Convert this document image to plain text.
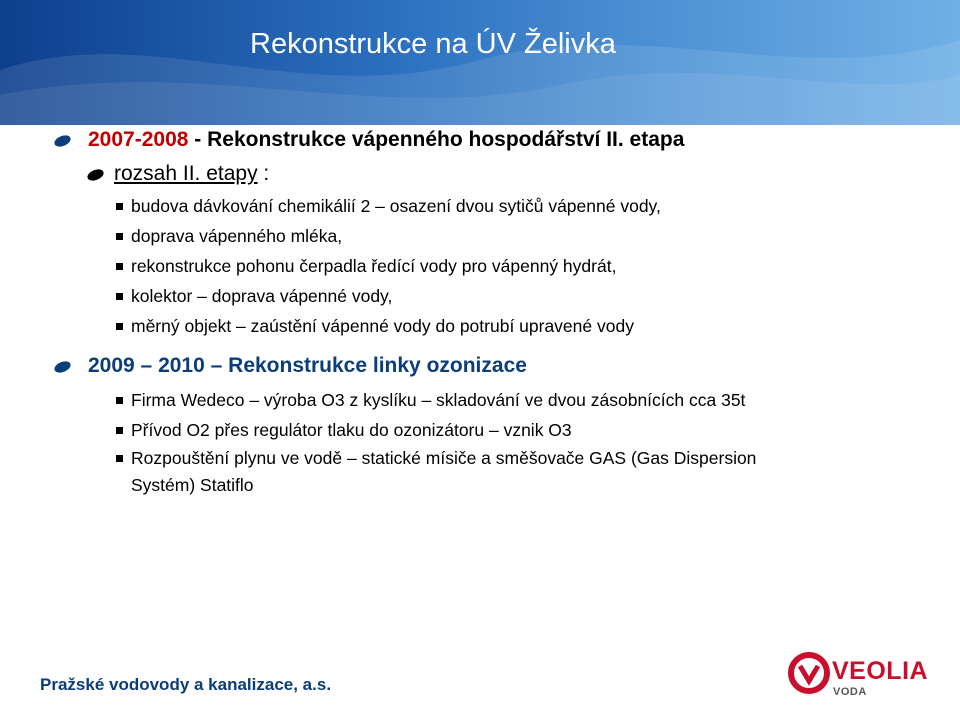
Rekonstrukce na ÚV Želivka
2007-2008 - Rekonstrukce vápenného hospodářství II. etapa
rozsah II. etapy :
budova dávkování chemikálií 2 – osazení dvou sytičů vápenné vody,
doprava vápenného mléka,
rekonstrukce pohonu čerpadla ředící vody pro vápenný hydrát,
kolektor – doprava vápenné vody,
měrný objekt – zaústění vápenné vody do potrubí upravené vody
2009 – 2010 – Rekonstrukce linky ozonizace
Firma Wedeco – výroba O3 z kyslíku – skladování ve dvou zásobnících cca 35t
Přívod O2 přes regulátor tlaku do ozonizátoru – vznik O3
Rozpouštění plynu ve vodě – statické mísiče a směšovače GAS (Gas Dispersion
Systém) Statiflo
Pražské vodovody a kanalizace, a.s.	VEOLIA
VODA
